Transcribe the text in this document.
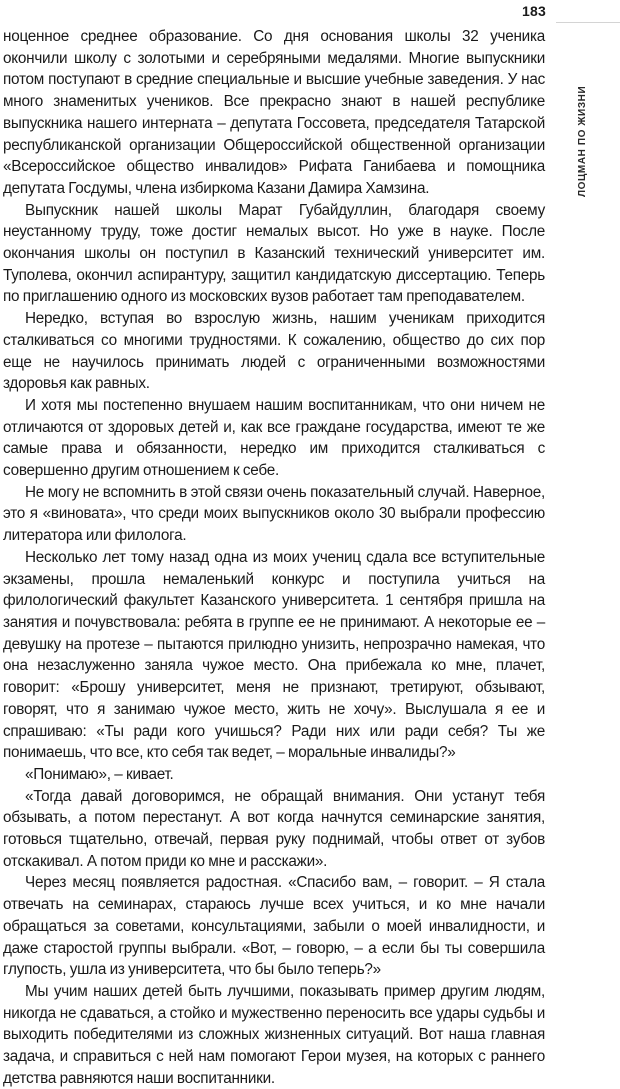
183
ЛОЦМАН ПО ЖИЗНИ

ноценное среднее образование. Со дня основания школы 32 ученика окончили школу с золотыми и серебряными медалями. Многие выпускники потом поступают в средние специальные и высшие учебные заведения. У нас много знаменитых учеников. Все прекрасно знают в нашей республике выпускника нашего интерната – депутата Госсовета, председателя Татарской республиканской организации Общероссийской общественной организации «Всероссийское общество инвалидов» Рифата Ганибаева и помощника депутата Госдумы, члена избиркома Казани Дамира Хамзина.

Выпускник нашей школы Марат Губайдуллин, благодаря своему неустанному труду, тоже достиг немалых высот. Но уже в науке. После окончания школы он поступил в Казанский технический университет им. Туполева, окончил аспирантуру, защитил кандидатскую диссертацию. Теперь по приглашению одного из московских вузов работает там преподавателем.

Нередко, вступая во взрослую жизнь, нашим ученикам приходится сталкиваться со многими трудностями. К сожалению, общество до сих пор еще не научилось принимать людей с ограниченными возможностями здоровья как равных.

И хотя мы постепенно внушаем нашим воспитанникам, что они ничем не отличаются от здоровых детей и, как все граждане государства, имеют те же самые права и обязанности, нередко им приходится сталкиваться с совершенно другим отношением к себе.

Не могу не вспомнить в этой связи очень показательный случай. Наверное, это я «виновата», что среди моих выпускников около 30 выбрали профессию литератора или филолога.

Несколько лет тому назад одна из моих учениц сдала все вступительные экзамены, прошла немаленький конкурс и поступила учиться на филологический факультет Казанского университета. 1 сентября пришла на занятия и почувствовала: ребята в группе ее не принимают. А некоторые ее – девушку на протезе – пытаются прилюдно унизить, непрозрачно намекая, что она незаслуженно заняла чужое место. Она прибежала ко мне, плачет, говорит: «Брошу университет, меня не признают, третируют, обзывают, говорят, что я занимаю чужое место, жить не хочу». Выслушала я ее и спрашиваю: «Ты ради кого учишься? Ради них или ради себя? Ты же понимаешь, что все, кто себя так ведет, – моральные инвалиды?»

«Понимаю», – кивает.

«Тогда давай договоримся, не обращай внимания. Они устанут тебя обзывать, а потом перестанут. А вот когда начнутся семинарские занятия, готовься тщательно, отвечай, первая руку поднимай, чтобы ответ от зубов отскакивал. А потом приди ко мне и расскажи».

Через месяц появляется радостная. «Спасибо вам, – говорит. – Я стала отвечать на семинарах, стараюсь лучше всех учиться, и ко мне начали обращаться за советами, консультациями, забыли о моей инвалидности, и даже старостой группы выбрали. «Вот, – говорю, – а если бы ты совершила глупость, ушла из университета, что бы было теперь?»

Мы учим наших детей быть лучшими, показывать пример другим людям, никогда не сдаваться, а стойко и мужественно переносить все удары судьбы и выходить победителями из сложных жизненных ситуаций. Вот наша главная задача, и справиться с ней нам помогают Герои музея, на которых с раннего детства равняются наши воспитанники.
